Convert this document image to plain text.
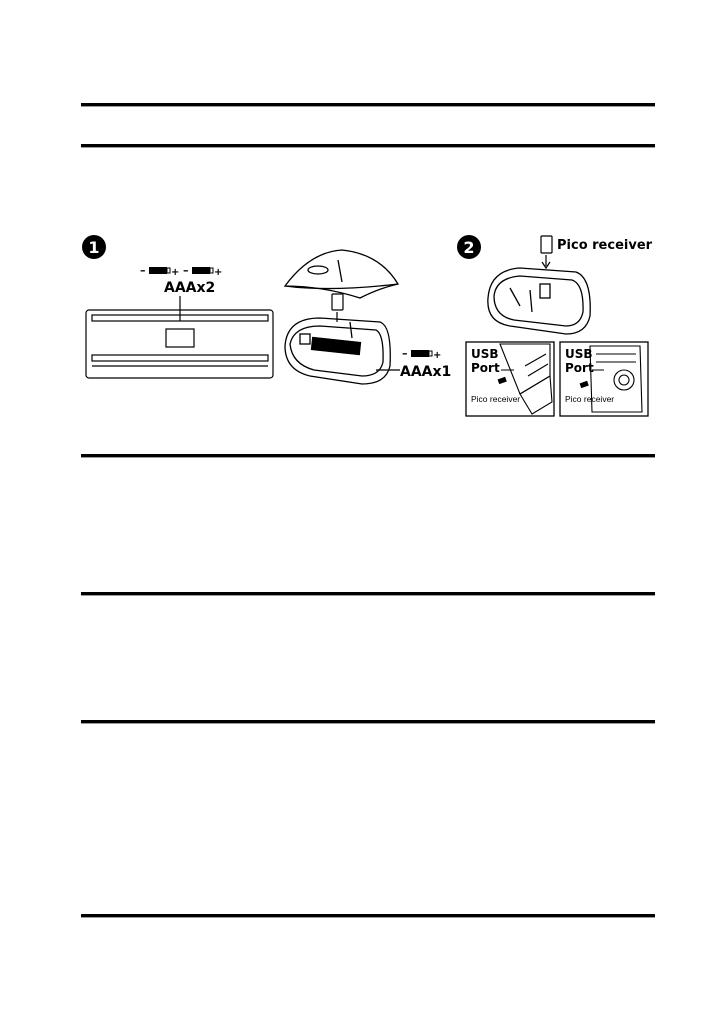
1
–	+ –	+
AAAx2
–	+
AAAx1
2	Pico receiver
USB
Port
Pico receiver
USB
Port
Pico receiver
